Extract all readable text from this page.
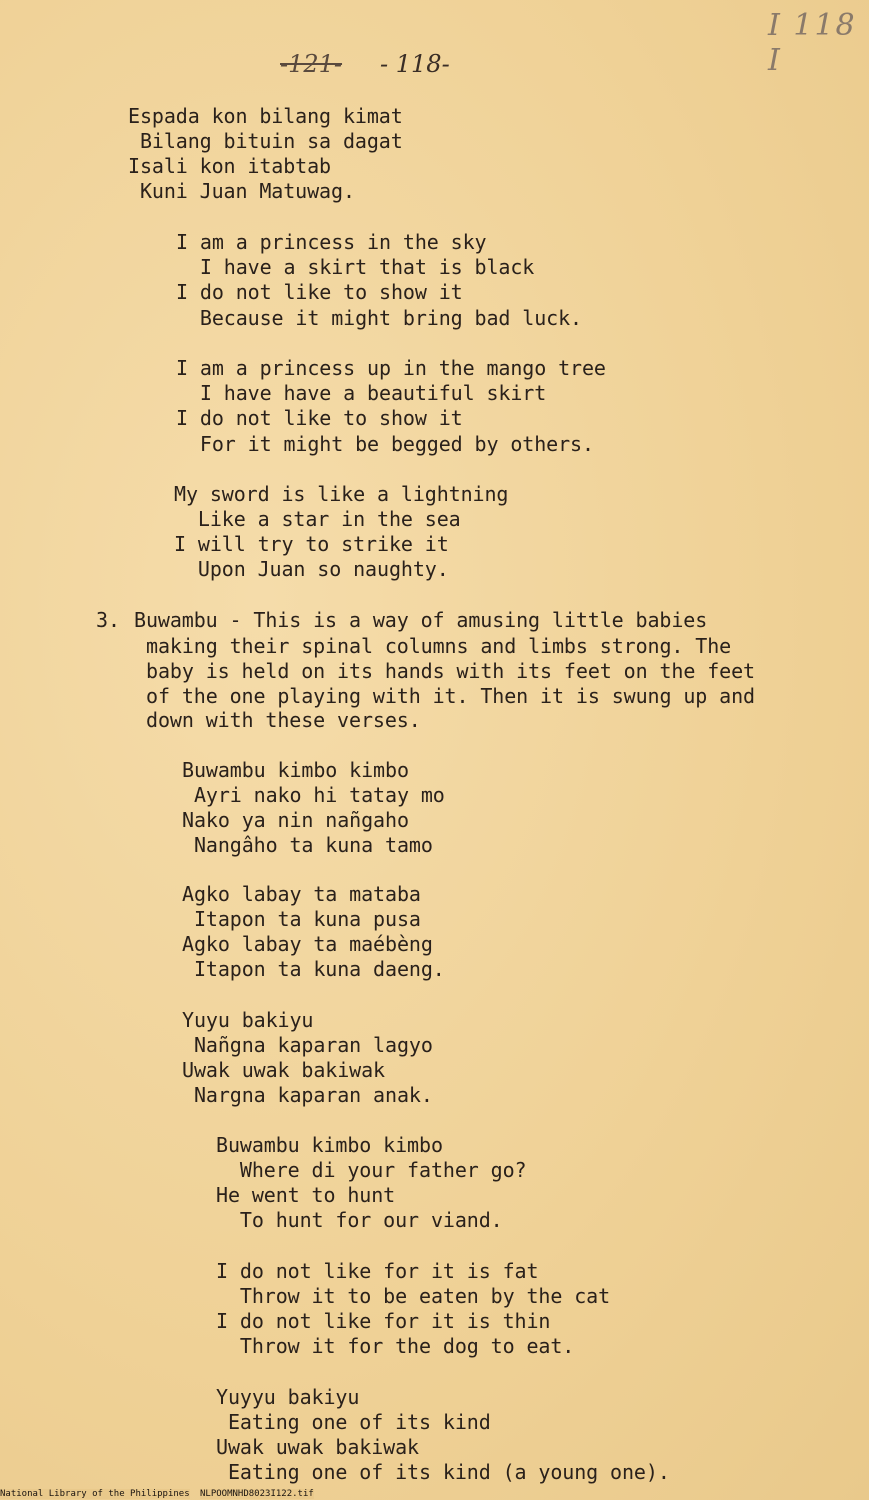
I 118 I
-121- - 118-
Espada kon bilang kimat
Bilang bituin sa dagat
Isali kon itabtab
Kuni Juan Matuwag.
I am a princess in the sky
I have a skirt that is black
I do not like to show it
Because it might bring bad luck.
I am a princess up in the mango tree
I have have a beautiful skirt
I do not like to show it
For it might be begged by others.
My sword is like a lightning
Like a star in the sea
I will try to strike it
Upon Juan so naughty.
3. Buwambu - This is a way of amusing little babies
making their spinal columns and limbs strong. The
baby is held on its hands with its feet on the feet
of the one playing with it. Then it is swung up and
down with these verses.
Buwambu kimbo kimbo
Ayri nako hi tatay mo
Nako ya nin nañgaho
Nangâho ta kuna tamo
Agko labay ta mataba
Itapon ta kuna pusa
Agko labay ta maébèng
Itapon ta kuna daeng.
Yuyu bakiyu
Nañgna kaparan lagyo
Uwak uwak bakiwak
Nargna kaparan anak.
Buwambu kimbo kimbo
Where di your father go?
He went to hunt
To hunt for our viand.
I do not like for it is fat
Throw it to be eaten by the cat
I do not like for it is thin
Throw it for the dog to eat.
Yuyyu bakiyu
Eating one of its kind
Uwak uwak bakiwak
Eating one of its kind (a young one).
National Library of the Philippines NLPOOMNHD8023I122.tif
